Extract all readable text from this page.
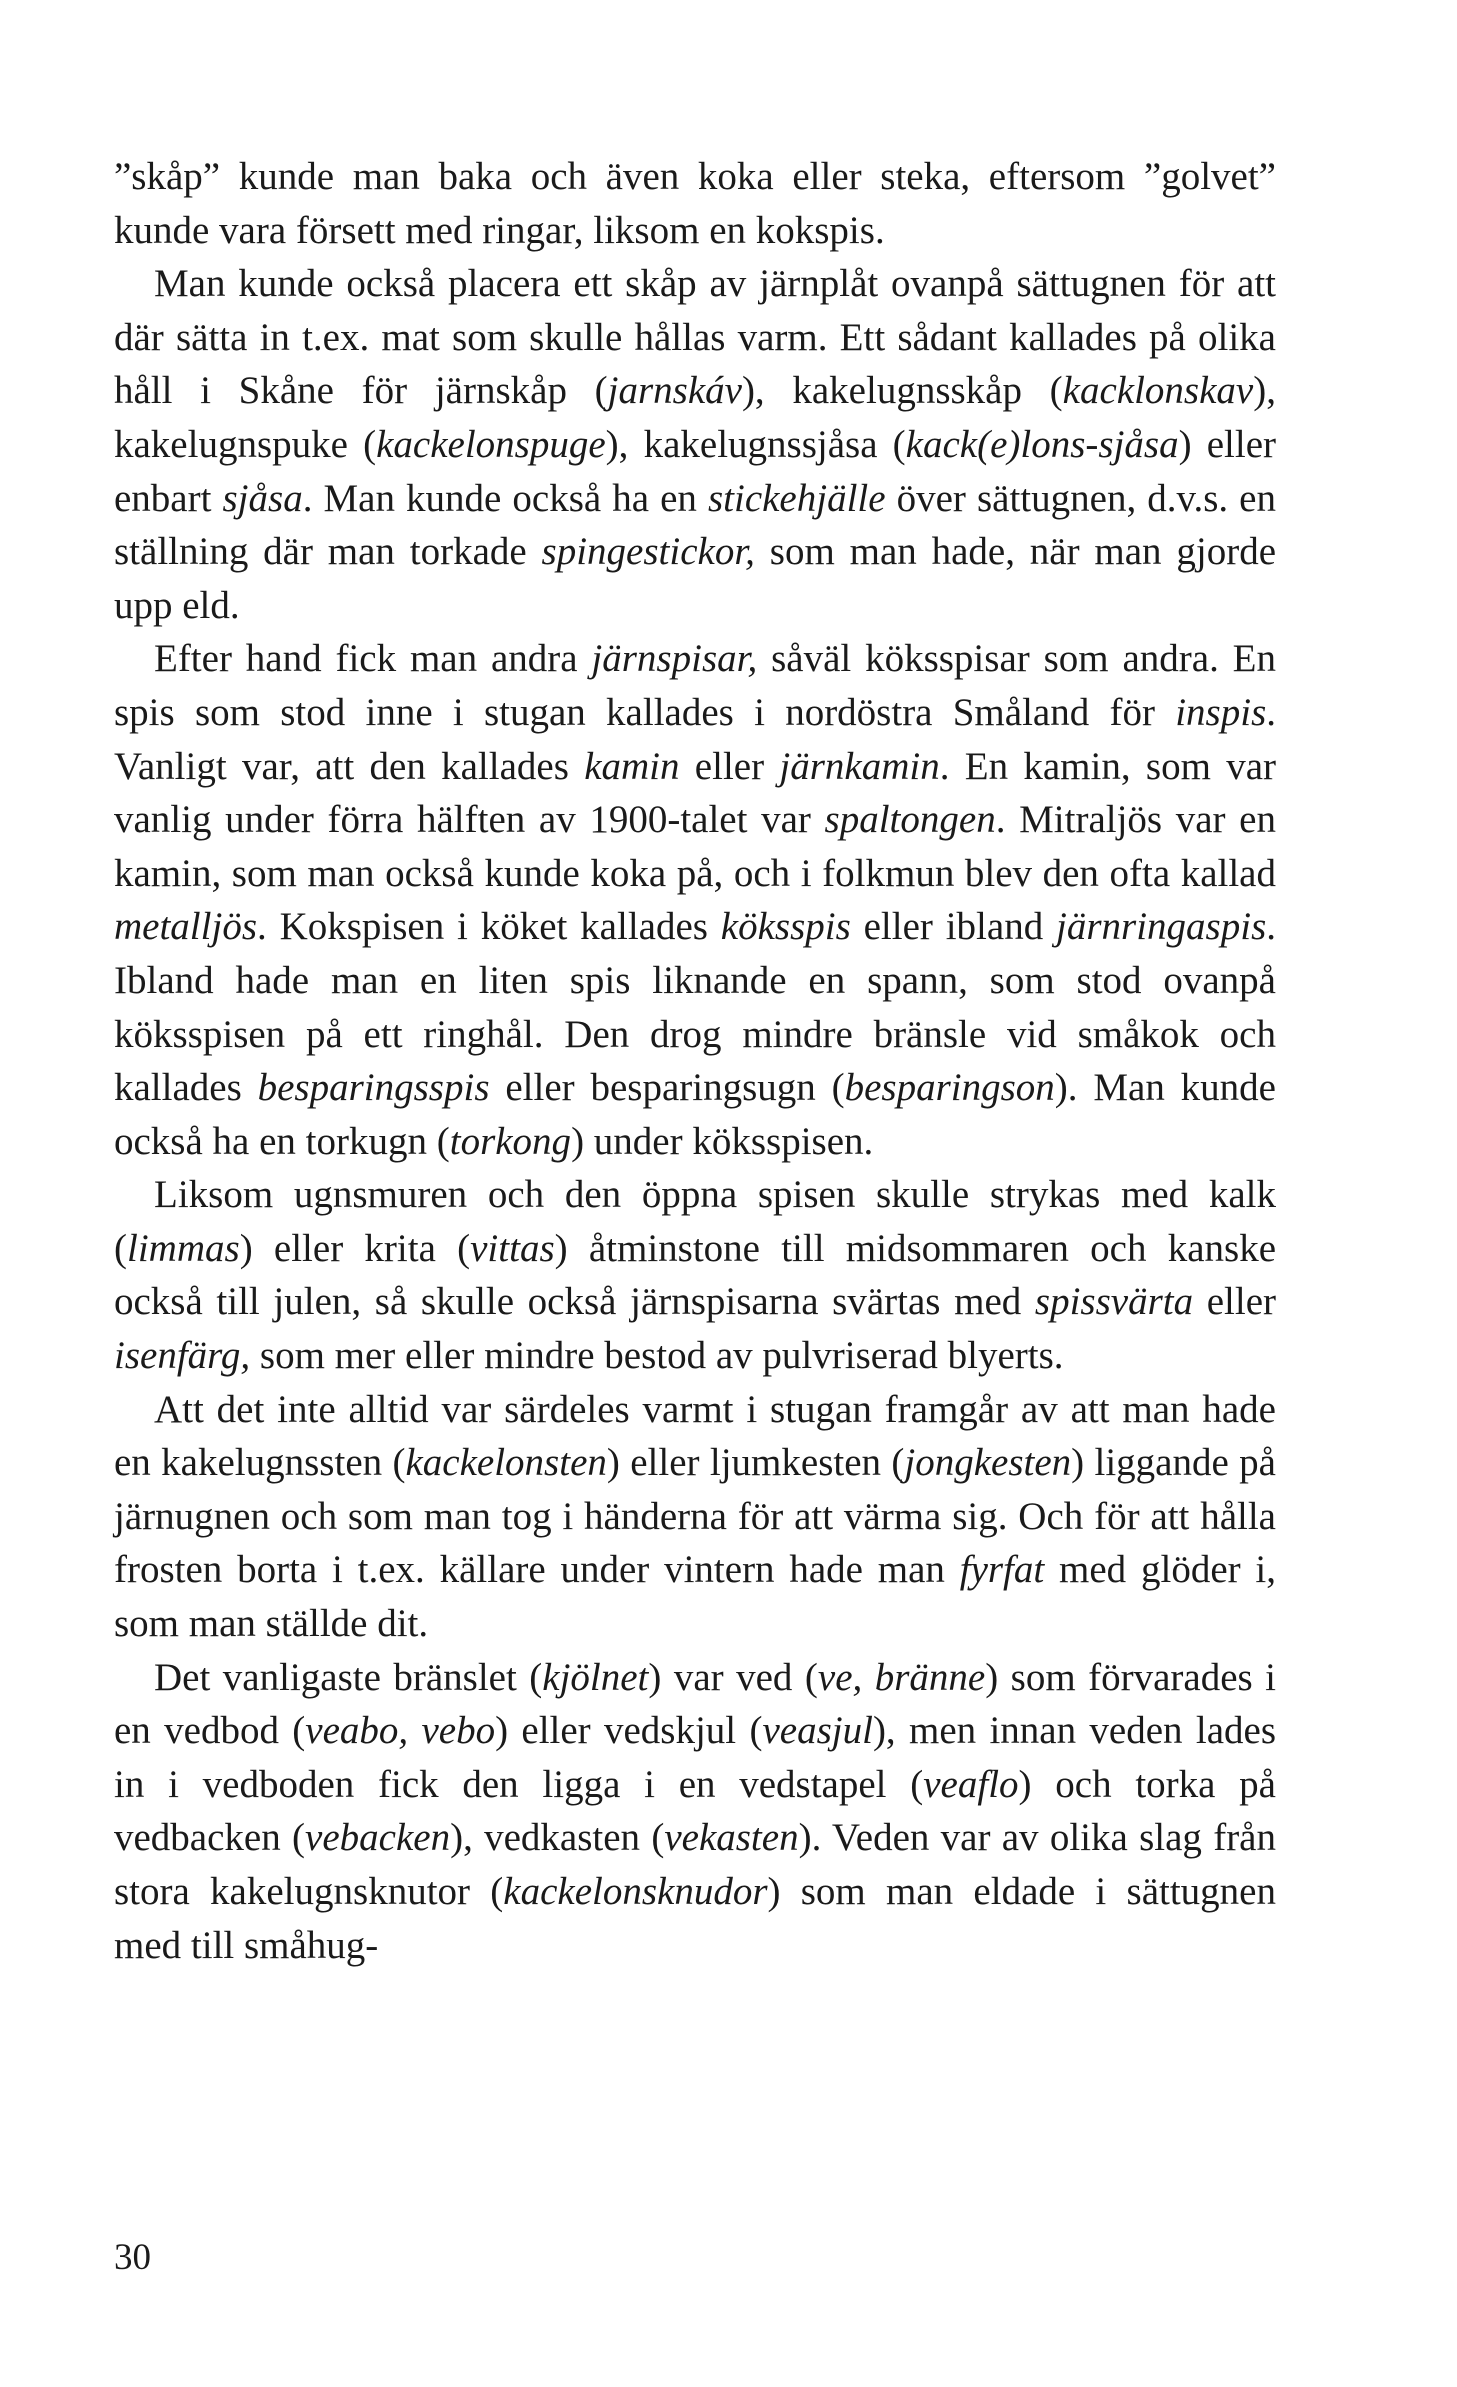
”skåp” kunde man baka och även koka eller steka, eftersom ”golvet” kunde vara försett med ringar, liksom en kokspis.

Man kunde också placera ett skåp av järnplåt ovanpå sättugnen för att där sätta in t.ex. mat som skulle hållas varm. Ett sådant kallades på olika håll i Skåne för järnskåp (jarnskáv), kakelugnsskåp (kacklonskav), kakelugnspuke (kackelonspuge), kakelugnssjåsa (kack(e)lons-sjåsa) eller enbart sjåsa. Man kunde också ha en stickehjälle över sättugnen, d.v.s. en ställning där man torkade spingestickor, som man hade, när man gjorde upp eld.

Efter hand fick man andra järnspisar, såväl köksspisar som andra. En spis som stod inne i stugan kallades i nordöstra Småland för inspis. Vanligt var, att den kallades kamin eller järnkamin. En kamin, som var vanlig under förra hälften av 1900-talet var spaltongen. Mitraljös var en kamin, som man också kunde koka på, och i folkmun blev den ofta kallad metalljös. Kokspisen i köket kallades köksspis eller ibland järnringaspis. Ibland hade man en liten spis liknande en spann, som stod ovanpå köksspisen på ett ringhål. Den drog mindre bränsle vid småkok och kallades besparingsspis eller besparingsugn (besparingson). Man kunde också ha en torkugn (torkong) under köksspisen.

Liksom ugnsmuren och den öppna spisen skulle strykas med kalk (limmas) eller krita (vittas) åtminstone till midsommaren och kanske också till julen, så skulle också järnspisarna svärtas med spissvärta eller isenfärg, som mer eller mindre bestod av pulvriserad blyerts.

Att det inte alltid var särdeles varmt i stugan framgår av att man hade en kakelugnssten (kackelonsten) eller ljumkesten (jongkesten) liggande på järnugnen och som man tog i händerna för att värma sig. Och för att hålla frosten borta i t.ex. källare under vintern hade man fyrfat med glöder i, som man ställde dit.

Det vanligaste bränslet (kjölnet) var ved (ve, bränne) som förvarades i en vedbod (veabo, vebo) eller vedskjul (veasjul), men innan veden lades in i vedboden fick den ligga i en vedstapel (veaflo) och torka på vedbacken (vebacken), vedkasten (vekasten). Veden var av olika slag från stora kakelugnsknutor (kackelonsknudor) som man eldade i sättugnen med till småhug-

30
